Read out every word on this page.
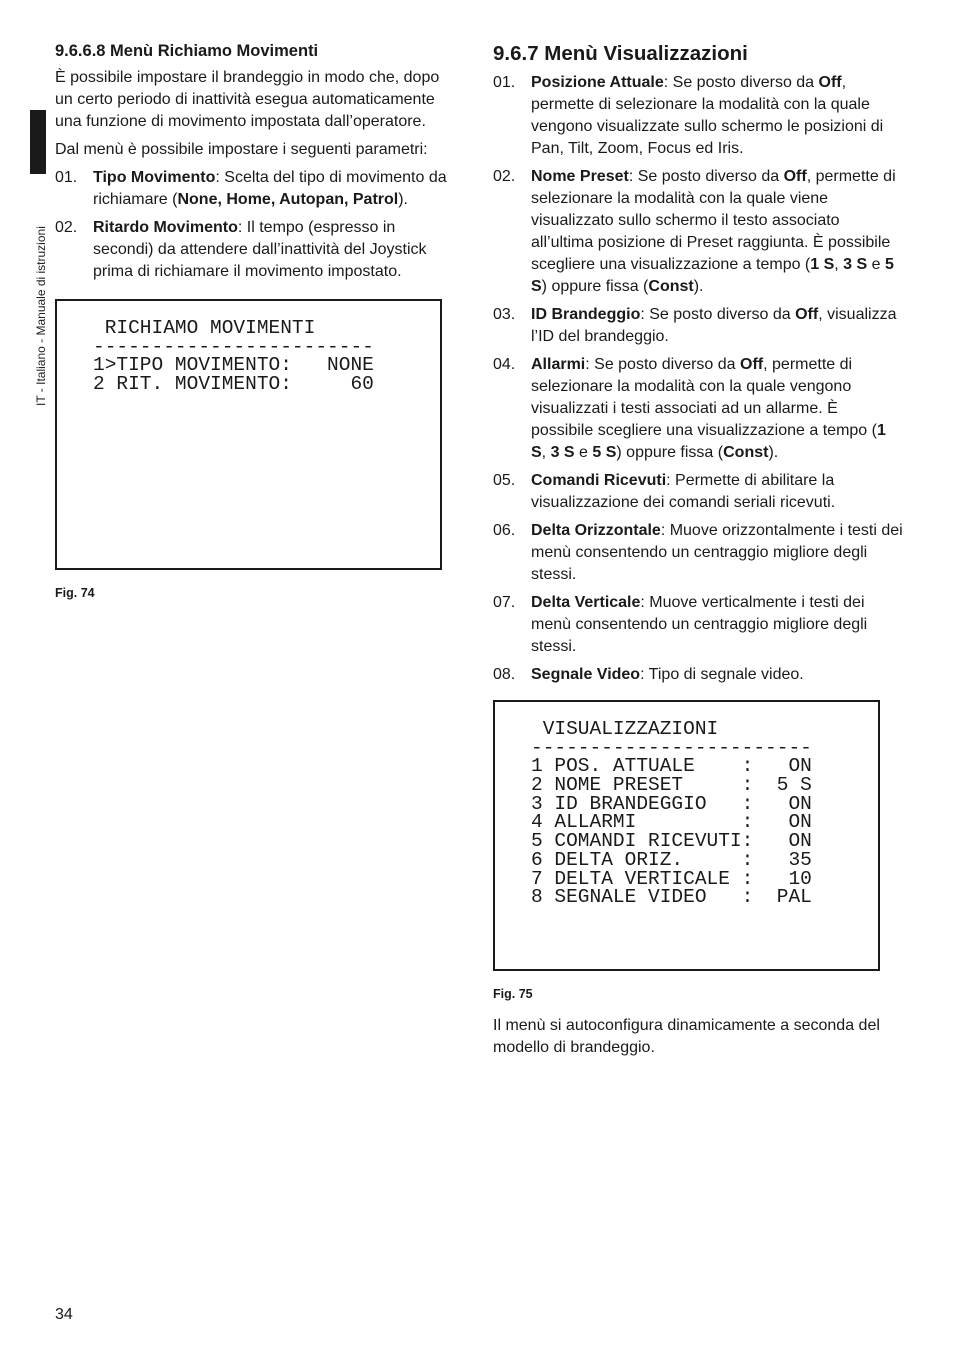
IT - Italiano - Manuale di istruzioni
9.6.6.8 Menù Richiamo Movimenti

È possibile impostare il brandeggio in modo che, dopo un certo periodo di inattività esegua automaticamente una funzione di movimento impostata dall’operatore.

Dal menù è possibile impostare i seguenti parametri:

01. Tipo Movimento: Scelta del tipo di movimento da richiamare (None, Home, Autopan, Patrol).
02. Ritardo Movimento: Il tempo (espresso in secondi) da attendere dall’inattività del Joystick prima di richiamare il movimento impostato.
RICHIAMO MOVIMENTI
------------------------
1>TIPO MOVIMENTO:   NONE
2 RIT. MOVIMENTO:     60
Fig. 74
9.6.7 Menù Visualizzazioni
01. Posizione Attuale: Se posto diverso da Off, permette di selezionare la modalità con la quale vengono visualizzate sullo schermo le posizioni di Pan, Tilt, Zoom, Focus ed Iris.
02. Nome Preset: Se posto diverso da Off, permette di selezionare la modalità con la quale viene visualizzato sullo schermo il testo associato all’ultima posizione di Preset raggiunta. È possibile scegliere una visualizzazione a tempo (1 S, 3 S e 5 S) oppure fissa (Const).
03. ID Brandeggio: Se posto diverso da Off, visualizza l’ID del brandeggio.
04. Allarmi: Se posto diverso da Off, permette di selezionare la modalità con la quale vengono visualizzati i testi associati ad un allarme. È possibile scegliere una visualizzazione a tempo (1 S, 3 S e 5 S) oppure fissa (Const).
05. Comandi Ricevuti: Permette di abilitare la visualizzazione dei comandi seriali ricevuti.
06. Delta Orizzontale: Muove orizzontalmente i testi dei menù consentendo un centraggio migliore degli stessi.
07. Delta Verticale: Muove verticalmente i testi dei menù consentendo un centraggio migliore degli stessi.
08. Segnale Video: Tipo di segnale video.
VISUALIZZAZIONI
------------------------
1 POS. ATTUALE    :   ON
2 NOME PRESET     :  5 S
3 ID BRANDEGGIO   :   ON
4 ALLARMI         :   ON
5 COMANDI RICEVUTI:   ON
6 DELTA ORIZ.     :   35
7 DELTA VERTICALE :   10
8 SEGNALE VIDEO   :  PAL
Fig. 75

Il menù si autoconfigura dinamicamente a seconda del modello di brandeggio.

34
